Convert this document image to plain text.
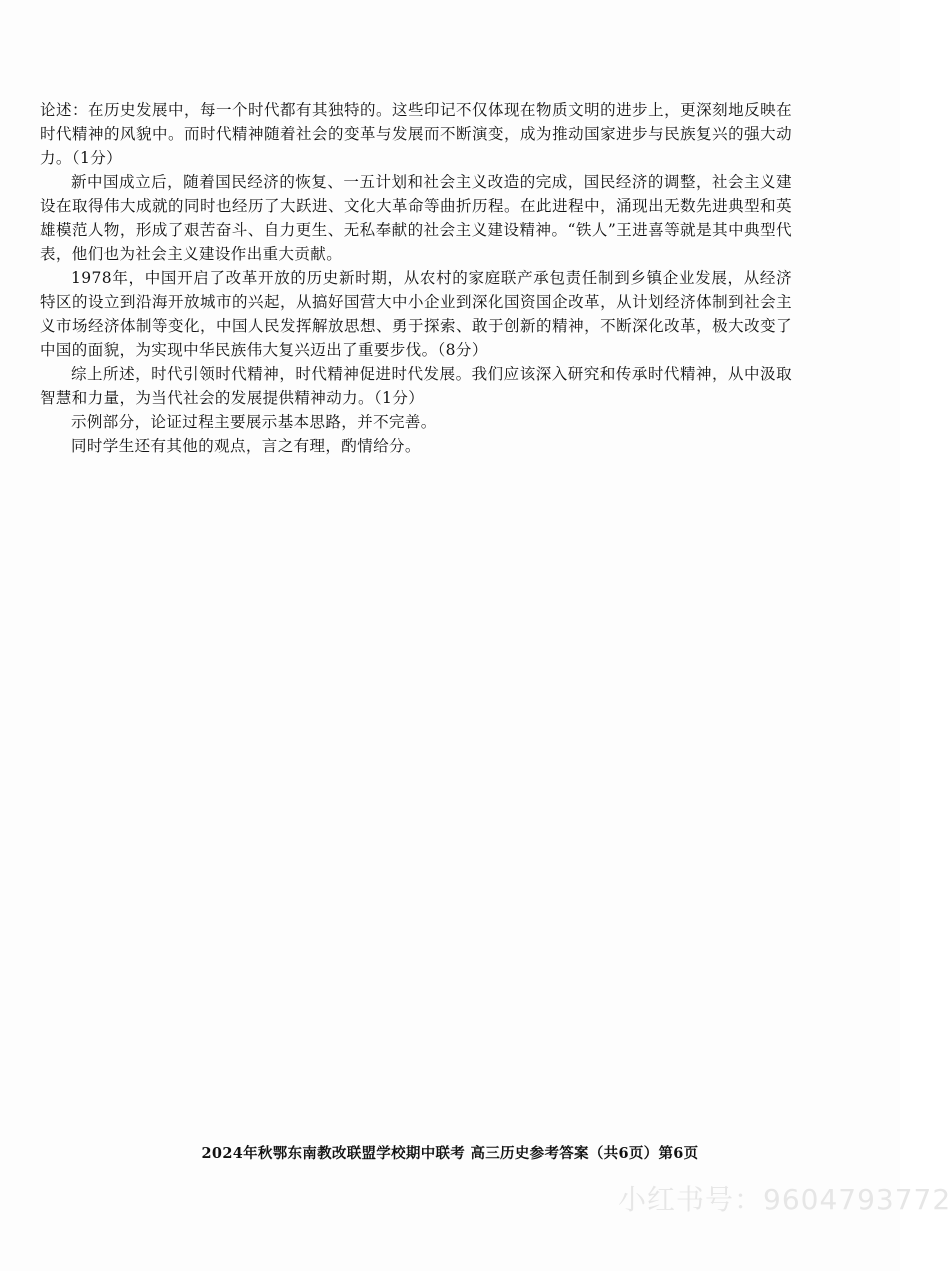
论述：在历史发展中，每一个时代都有其独特的。这些印记不仅体现在物质文明的进步上，更深刻地反映在时代精神的风貌中。而时代精神随着社会的变革与发展而不断演变，成为推动国家进步与民族复兴的强大动力。（1分）

新中国成立后，随着国民经济的恢复、一五计划和社会主义改造的完成，国民经济的调整，社会主义建设在取得伟大成就的同时也经历了大跃进、文化大革命等曲折历程。在此进程中，涌现出无数先进典型和英雄模范人物，形成了艰苦奋斗、自力更生、无私奉献的社会主义建设精神。“铁人”王进喜等就是其中典型代表，他们也为社会主义建设作出重大贡献。

1978年，中国开启了改革开放的历史新时期，从农村的家庭联产承包责任制到乡镇企业发展，从经济特区的设立到沿海开放城市的兴起，从搞好国营大中小企业到深化国资国企改革，从计划经济体制到社会主义市场经济体制等变化，中国人民发挥解放思想、勇于探索、敢于创新的精神，不断深化改革，极大改变了中国的面貌，为实现中华民族伟大复兴迈出了重要步伐。（8分）

综上所述，时代引领时代精神，时代精神促进时代发展。我们应该深入研究和传承时代精神，从中汲取智慧和力量，为当代社会的发展提供精神动力。（1分）

示例部分，论证过程主要展示基本思路，并不完善。

同时学生还有其他的观点，言之有理，酌情给分。

2024年秋鄂东南教改联盟学校期中联考 高三历史参考答案（共6页）第6页
小红书号：9604793772
